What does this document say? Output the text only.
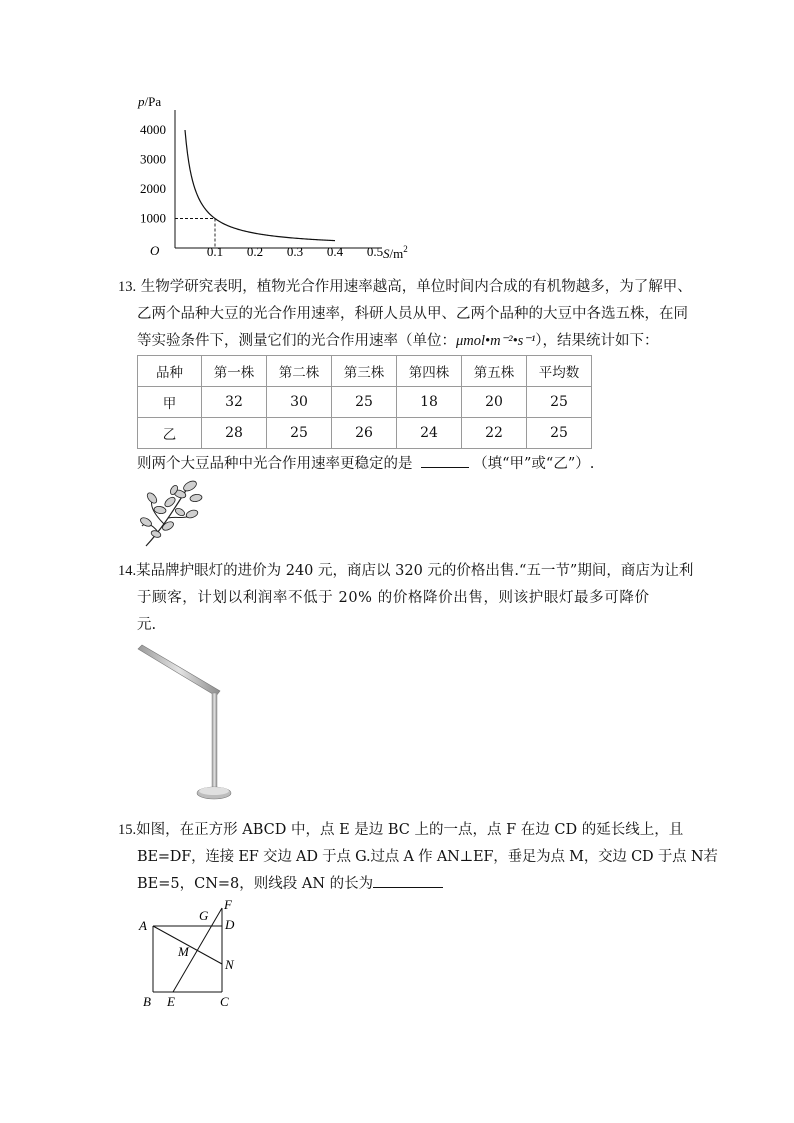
p/Pa
1000
2000
3000
4000
0.1 0.2 0.3 0.4 0.5
O	$S/m^2$
13. 生物学研究表明，植物光合作用速率越高，单位时间内合成的有机物越多，为了解甲、
乙两个品种大豆的光合作用速率，科研人员从甲、乙两个品种的大豆中各选五株，在同
等实验条件下，测量它们的光合作用速率（单位：μmol•m⁻²•s⁻¹），结果统计如下：
品种	第一株	第二株	第三株	第四株	第五株	平均数
甲	32	30	25	18	20	25
乙	28	25	26	24	22	25
则两个大豆品种中光合作用速率更稳定的是	（填“甲”或“乙”）.
14.某品牌护眼灯的进价为 240 元，商店以 320 元的价格出售.“五一节”期间，商店为让利
于顾客，计划以利润率不低于 20% 的价格降价出售，则该护眼灯最多可降价
元.
15.如图，在正方形 ABCD 中，点 E 是边 BC 上的一点，点 F 在边 CD 的延长线上，且
BE=DF，连接 EF 交边 AD 于点 G.过点 A 作 AN⊥EF，垂足为点 M，交边 CD 于点 N若
BE=5，CN=8，则线段 AN 的长为
F
G
A	D
M
N
B E	C
